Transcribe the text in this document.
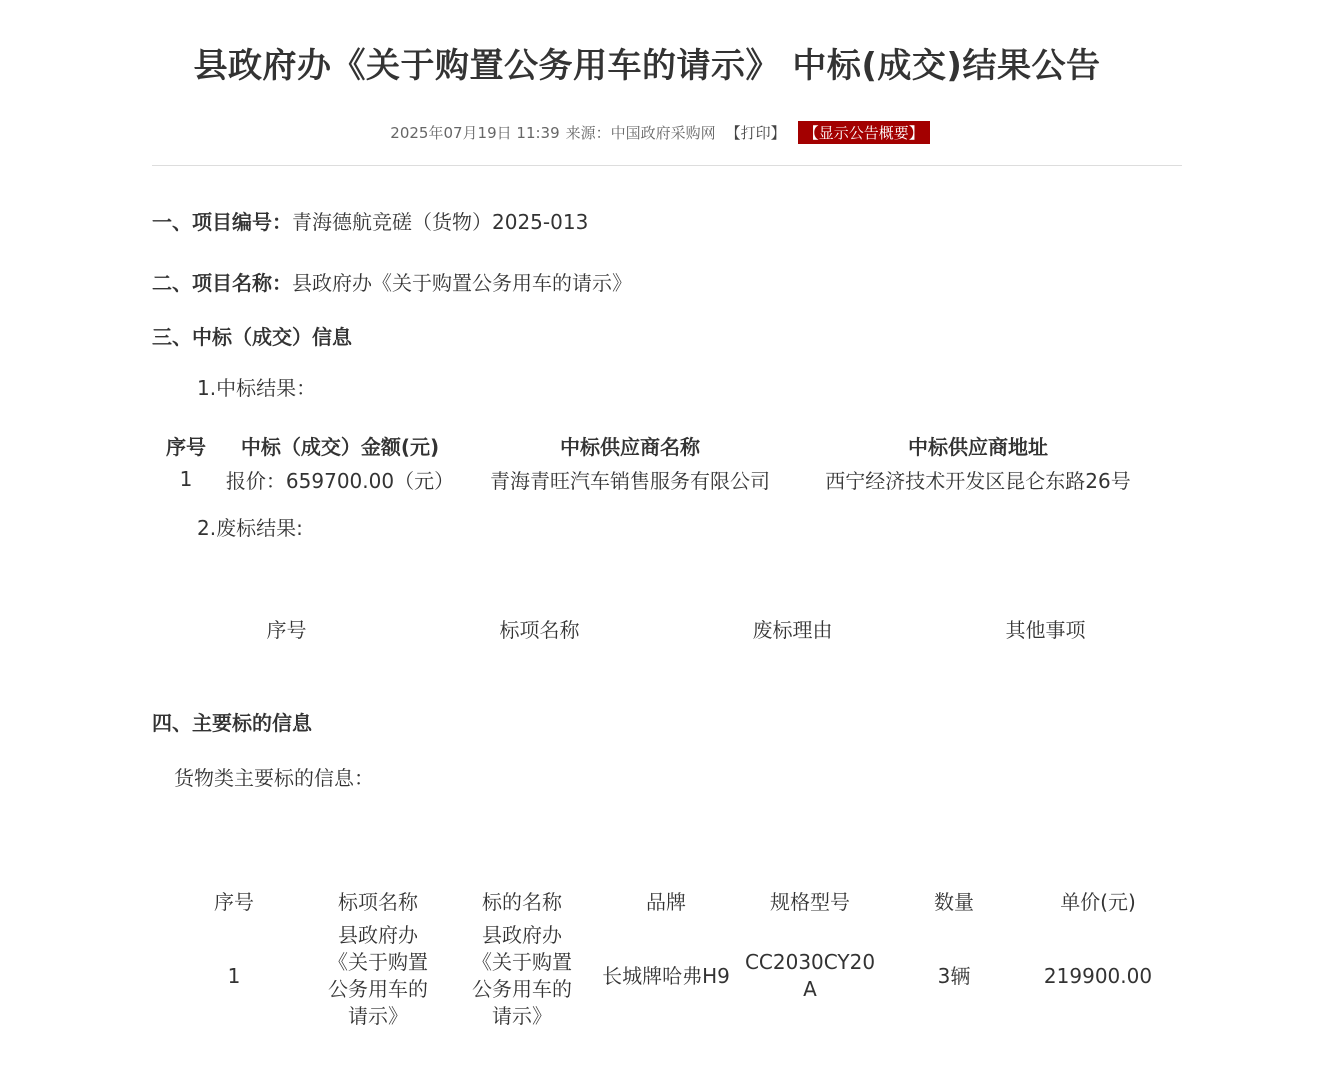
县政府办《关于购置公务用车的请示》 中标(成交)结果公告
2025年07月19日 11:39 来源： 中国政府采购网 【打印】	【显示公告概要】
一、项目编号：青海德航竞磋（货物）2025-013
二、项目名称：县政府办《关于购置公务用车的请示》
三、中标（成交）信息
1.中标结果：
序号	中标（成交）金额(元)	中标供应商名称	中标供应商地址
1	报价：659700.00（元）	青海青旺汽车销售服务有限公司	西宁经济技术开发区昆仑东路26号
2.废标结果:
序号	标项名称	废标理由	其他事项
四、主要标的信息
货物类主要标的信息：
序号	标项名称	标的名称	品牌	规格型号	数量	单价(元)
1	县政府办《关于购置公务用车的请示》	县政府办《关于购置公务用车的请示》	长城牌哈弗H9	CC2030CY20A	3辆	219900.00
